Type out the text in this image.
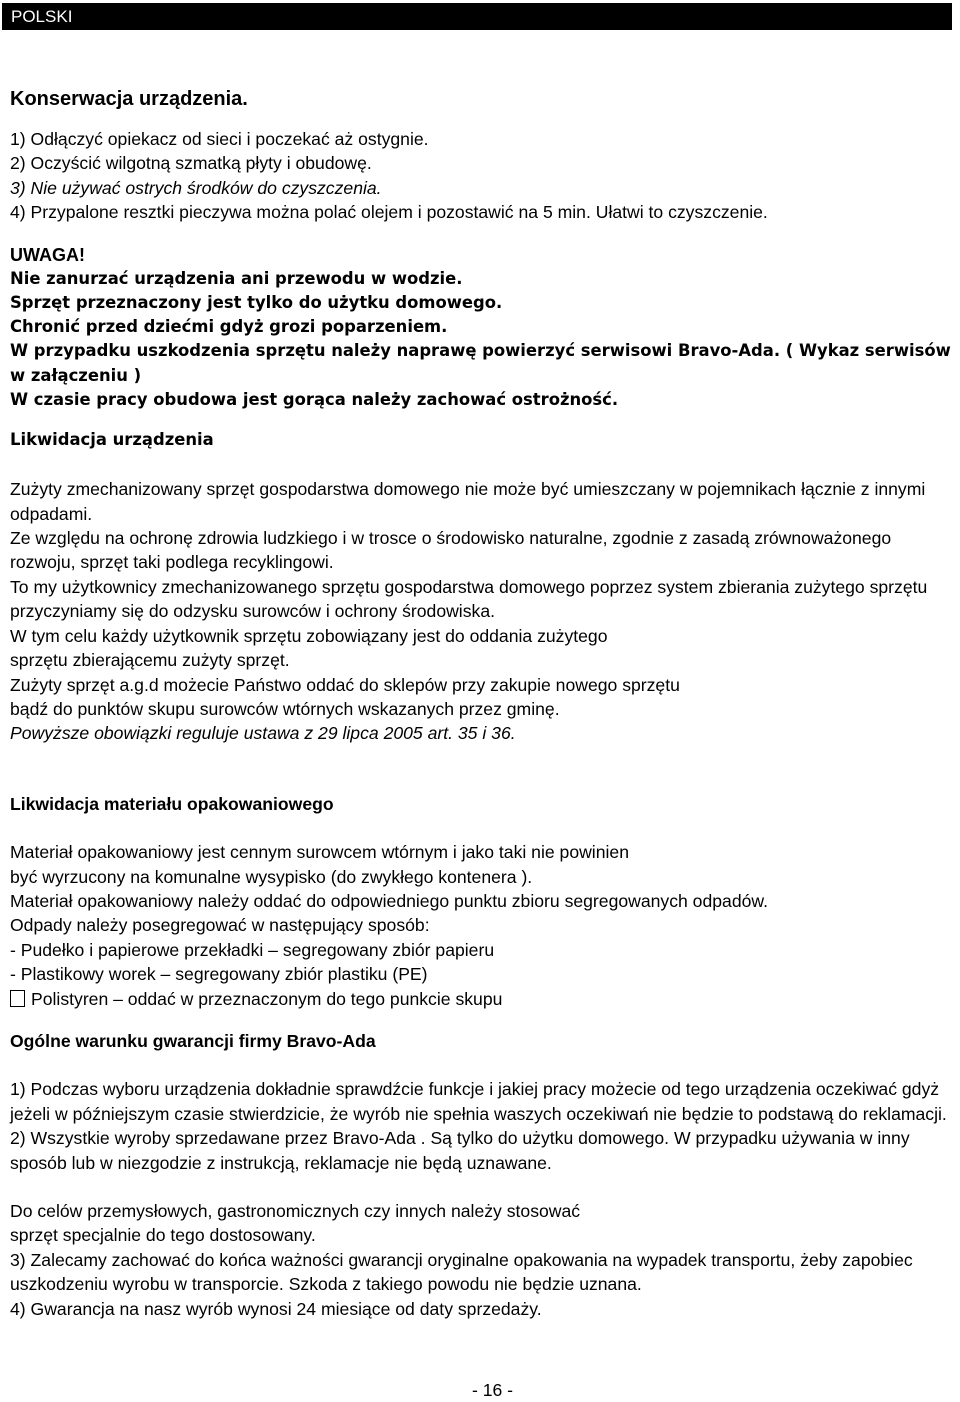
POLSKI

Konserwacja urządzenia.

1) Odłączyć opiekacz od sieci i poczekać aż ostygnie.

2) Oczyścić wilgotną szmatką płyty i obudowę.

3) Nie używać ostrych środków do czyszczenia.

4) Przypalone resztki pieczywa można polać olejem i pozostawić na 5 min. Ułatwi to czyszczenie.

UWAGA!

Nie zanurzać urządzenia ani przewodu w wodzie.

Sprzęt przeznaczony jest tylko do użytku domowego.

Chronić przed dziećmi gdyż grozi poparzeniem.

W przypadku uszkodzenia sprzętu należy naprawę powierzyć serwisowi Bravo-Ada. ( Wykaz serwisów w załączeniu )

W czasie pracy obudowa jest gorąca należy zachować ostrożność.

Likwidacja urządzenia

Zużyty zmechanizowany sprzęt gospodarstwa domowego nie może być umieszczany w pojemnikach łącznie z innymi odpadami.

Ze względu na ochronę zdrowia ludzkiego i w trosce o środowisko naturalne, zgodnie z zasadą zrównoważonego rozwoju, sprzęt taki podlega recyklingowi.

To my użytkownicy zmechanizowanego sprzętu gospodarstwa domowego poprzez system zbierania zużytego sprzętu przyczyniamy się do odzysku surowców i ochrony środowiska.

W tym celu każdy użytkownik sprzętu zobowiązany jest do oddania zużytego

sprzętu zbierającemu zużyty sprzęt.

Zużyty sprzęt a.g.d możecie Państwo oddać do sklepów przy zakupie nowego sprzętu

bądź do punktów skupu surowców wtórnych wskazanych przez gminę.

Powyższe obowiązki reguluje ustawa z 29 lipca 2005 art. 35 i 36.

Likwidacja materiału opakowaniowego

Materiał opakowaniowy jest cennym surowcem wtórnym i jako taki nie powinien

być wyrzucony na komunalne wysypisko (do zwykłego kontenera ).

Materiał opakowaniowy należy oddać do odpowiedniego punktu zbioru segregowanych odpadów.

Odpady należy posegregować w następujący sposób:

- Pudełko i papierowe przekładki – segregowany zbiór papieru

- Plastikowy worek – segregowany zbiór plastiku (PE)

Polistyren – oddać w przeznaczonym do tego punkcie skupu

Ogólne warunku gwarancji firmy Bravo-Ada

1) Podczas wyboru urządzenia dokładnie sprawdźcie funkcje i jakiej pracy możecie od tego urządzenia oczekiwać gdyż jeżeli w późniejszym czasie stwierdzicie, że wyrób nie spełnia waszych oczekiwań nie będzie to podstawą do reklamacji.

2) Wszystkie wyroby sprzedawane przez Bravo-Ada . Są tylko do użytku domowego. W przypadku używania w inny sposób lub w niezgodzie z instrukcją, reklamacje nie będą uznawane.

Do celów przemysłowych, gastronomicznych czy innych należy stosować

sprzęt specjalnie do tego dostosowany.

3) Zalecamy zachować do końca ważności gwarancji oryginalne opakowania na wypadek transportu, żeby zapobiec uszkodzeniu wyrobu w transporcie. Szkoda z takiego powodu nie będzie uznana.

4) Gwarancja na nasz wyrób wynosi 24 miesiące od daty sprzedaży.

- 16 -
